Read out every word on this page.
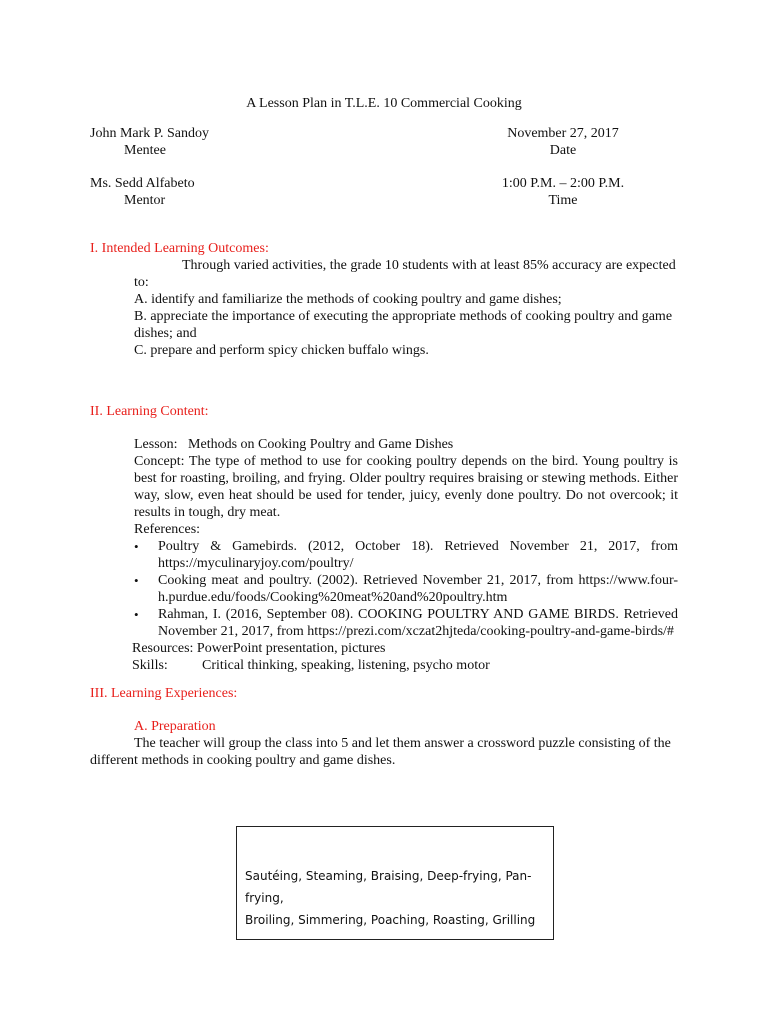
A Lesson Plan in T.L.E. 10 Commercial Cooking
John Mark P. Sandoy
Mentee
November 27, 2017
Date
Ms. Sedd Alfabeto
Mentor
1:00 P.M. – 2:00 P.M.
Time
I. Intended Learning Outcomes:
Through varied activities, the grade 10 students with at least 85% accuracy are expected to:
A. identify and familiarize the methods of cooking poultry and game dishes;
B. appreciate the importance of executing the appropriate methods of cooking poultry and game dishes; and
C. prepare and perform spicy chicken buffalo wings.
II. Learning Content:
Lesson:   Methods on Cooking Poultry and Game Dishes
Concept: The type of method to use for cooking poultry depends on the bird. Young poultry is best for roasting, broiling, and frying. Older poultry requires braising or stewing methods. Either way, slow, even heat should be used for tender, juicy, evenly done poultry. Do not overcook; it results in tough, dry meat.
References:
• Poultry & Gamebirds. (2012, October 18). Retrieved November 21, 2017, from https://myculinaryjoy.com/poultry/
• Cooking meat and poultry. (2002). Retrieved November 21, 2017, from https://www.four-h.purdue.edu/foods/Cooking%20meat%20and%20poultry.htm
• Rahman, I. (2016, September 08). COOKING POULTRY AND GAME BIRDS. Retrieved November 21, 2017, from https://prezi.com/xczat2hjteda/cooking-poultry-and-game-birds/#
Resources: PowerPoint presentation, pictures
Skills: Critical thinking, speaking, listening, psycho motor
III. Learning Experiences:
A. Preparation
The teacher will group the class into 5 and let them answer a crossword puzzle consisting of the different methods in cooking poultry and game dishes.
Sautéing, Steaming, Braising, Deep-frying, Pan-frying,
Broiling, Simmering, Poaching, Roasting, Grilling
